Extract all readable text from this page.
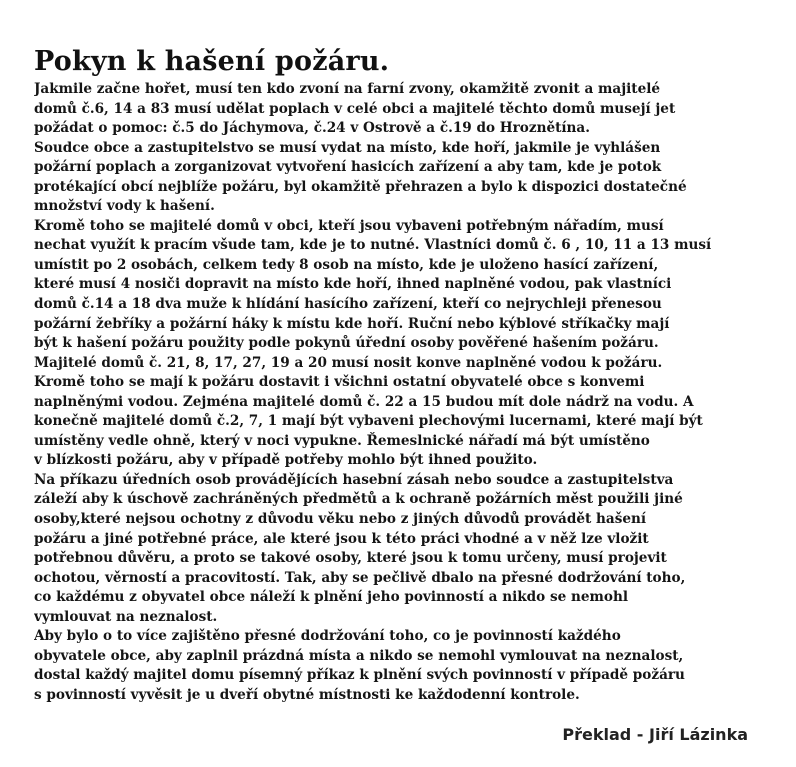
Pokyn k hašení požáru.
Jakmile začne hořet, musí ten kdo zvoní na farní zvony, okamžitě zvonit a majitelé
domů č.6, 14 a 83 musí udělat poplach v celé obci a majitelé těchto domů musejí jet
požádat o pomoc: č.5 do Jáchymova, č.24 v Ostrově a č.19 do Hroznětína.
Soudce obce a zastupitelstvo se musí vydat na místo, kde hoří, jakmile je vyhlášen
požární poplach a zorganizovat vytvoření hasicích zařízení a aby tam, kde je potok
protékající obcí nejblíže požáru, byl okamžitě přehrazen a bylo k dispozici dostatečné
množství vody k hašení.
Kromě toho se majitelé domů v obci, kteří jsou vybaveni potřebným nářadím, musí
nechat využít k pracím všude tam, kde je to nutné. Vlastníci domů č. 6 , 10, 11 a 13 musí
umístit po 2 osobách, celkem tedy 8 osob na místo, kde je uloženo hasící zařízení,
které musí 4 nosiči dopravit na místo kde hoří, ihned naplněné vodou, pak vlastníci
domů č.14 a 18 dva muže k hlídání hasícího zařízení, kteří co nejrychleji přenesou
požární žebříky a požární háky k místu kde hoří. Ruční nebo kýblové stříkačky mají
být k hašení požáru použity podle pokynů úřední osoby pověřené hašením požáru.
Majitelé domů č. 21, 8, 17, 27, 19 a 20 musí nosit konve naplněné vodou k požáru.
Kromě toho se mají k požáru dostavit i všichni ostatní obyvatelé obce s konvemi
naplněnými vodou. Zejména majitelé domů č. 22 a 15 budou mít dole nádrž na vodu. A
konečně majitelé domů č.2, 7, 1 mají být vybaveni plechovými lucernami, které mají být
umístěny vedle ohně, který v noci vypukne. Řemeslnické nářadí má být umístěno
v blízkosti požáru, aby v případě potřeby mohlo být ihned použito.
Na příkazu úředních osob provádějících hasební zásah nebo soudce a zastupitelstva
záleží aby k úschově zachráněných předmětů a k ochraně požárních měst použili jiné
osoby,které nejsou ochotny z důvodu věku nebo z jiných důvodů provádět hašení
požáru a jiné potřebné práce, ale které jsou k této práci vhodné a v něž lze vložit
potřebnou důvěru, a proto se takové osoby, které jsou k tomu určeny, musí projevit
ochotou, věrností a pracovitostí. Tak, aby se pečlivě dbalo na přesné dodržování toho,
co každému z obyvatel obce náleží k plnění jeho povinností a nikdo se nemohl
vymlouvat na neznalost.
Aby bylo o to více zajištěno přesné dodržování toho, co je povinností každého
obyvatele obce, aby zaplnil prázdná místa a nikdo se nemohl vymlouvat na neznalost,
dostal každý majitel domu písemný příkaz k plnění svých povinností v případě požáru
s povinností vyvěsit je u dveří obytné místnosti ke každodenní kontrole.

Překlad - Jiří Lázinka
